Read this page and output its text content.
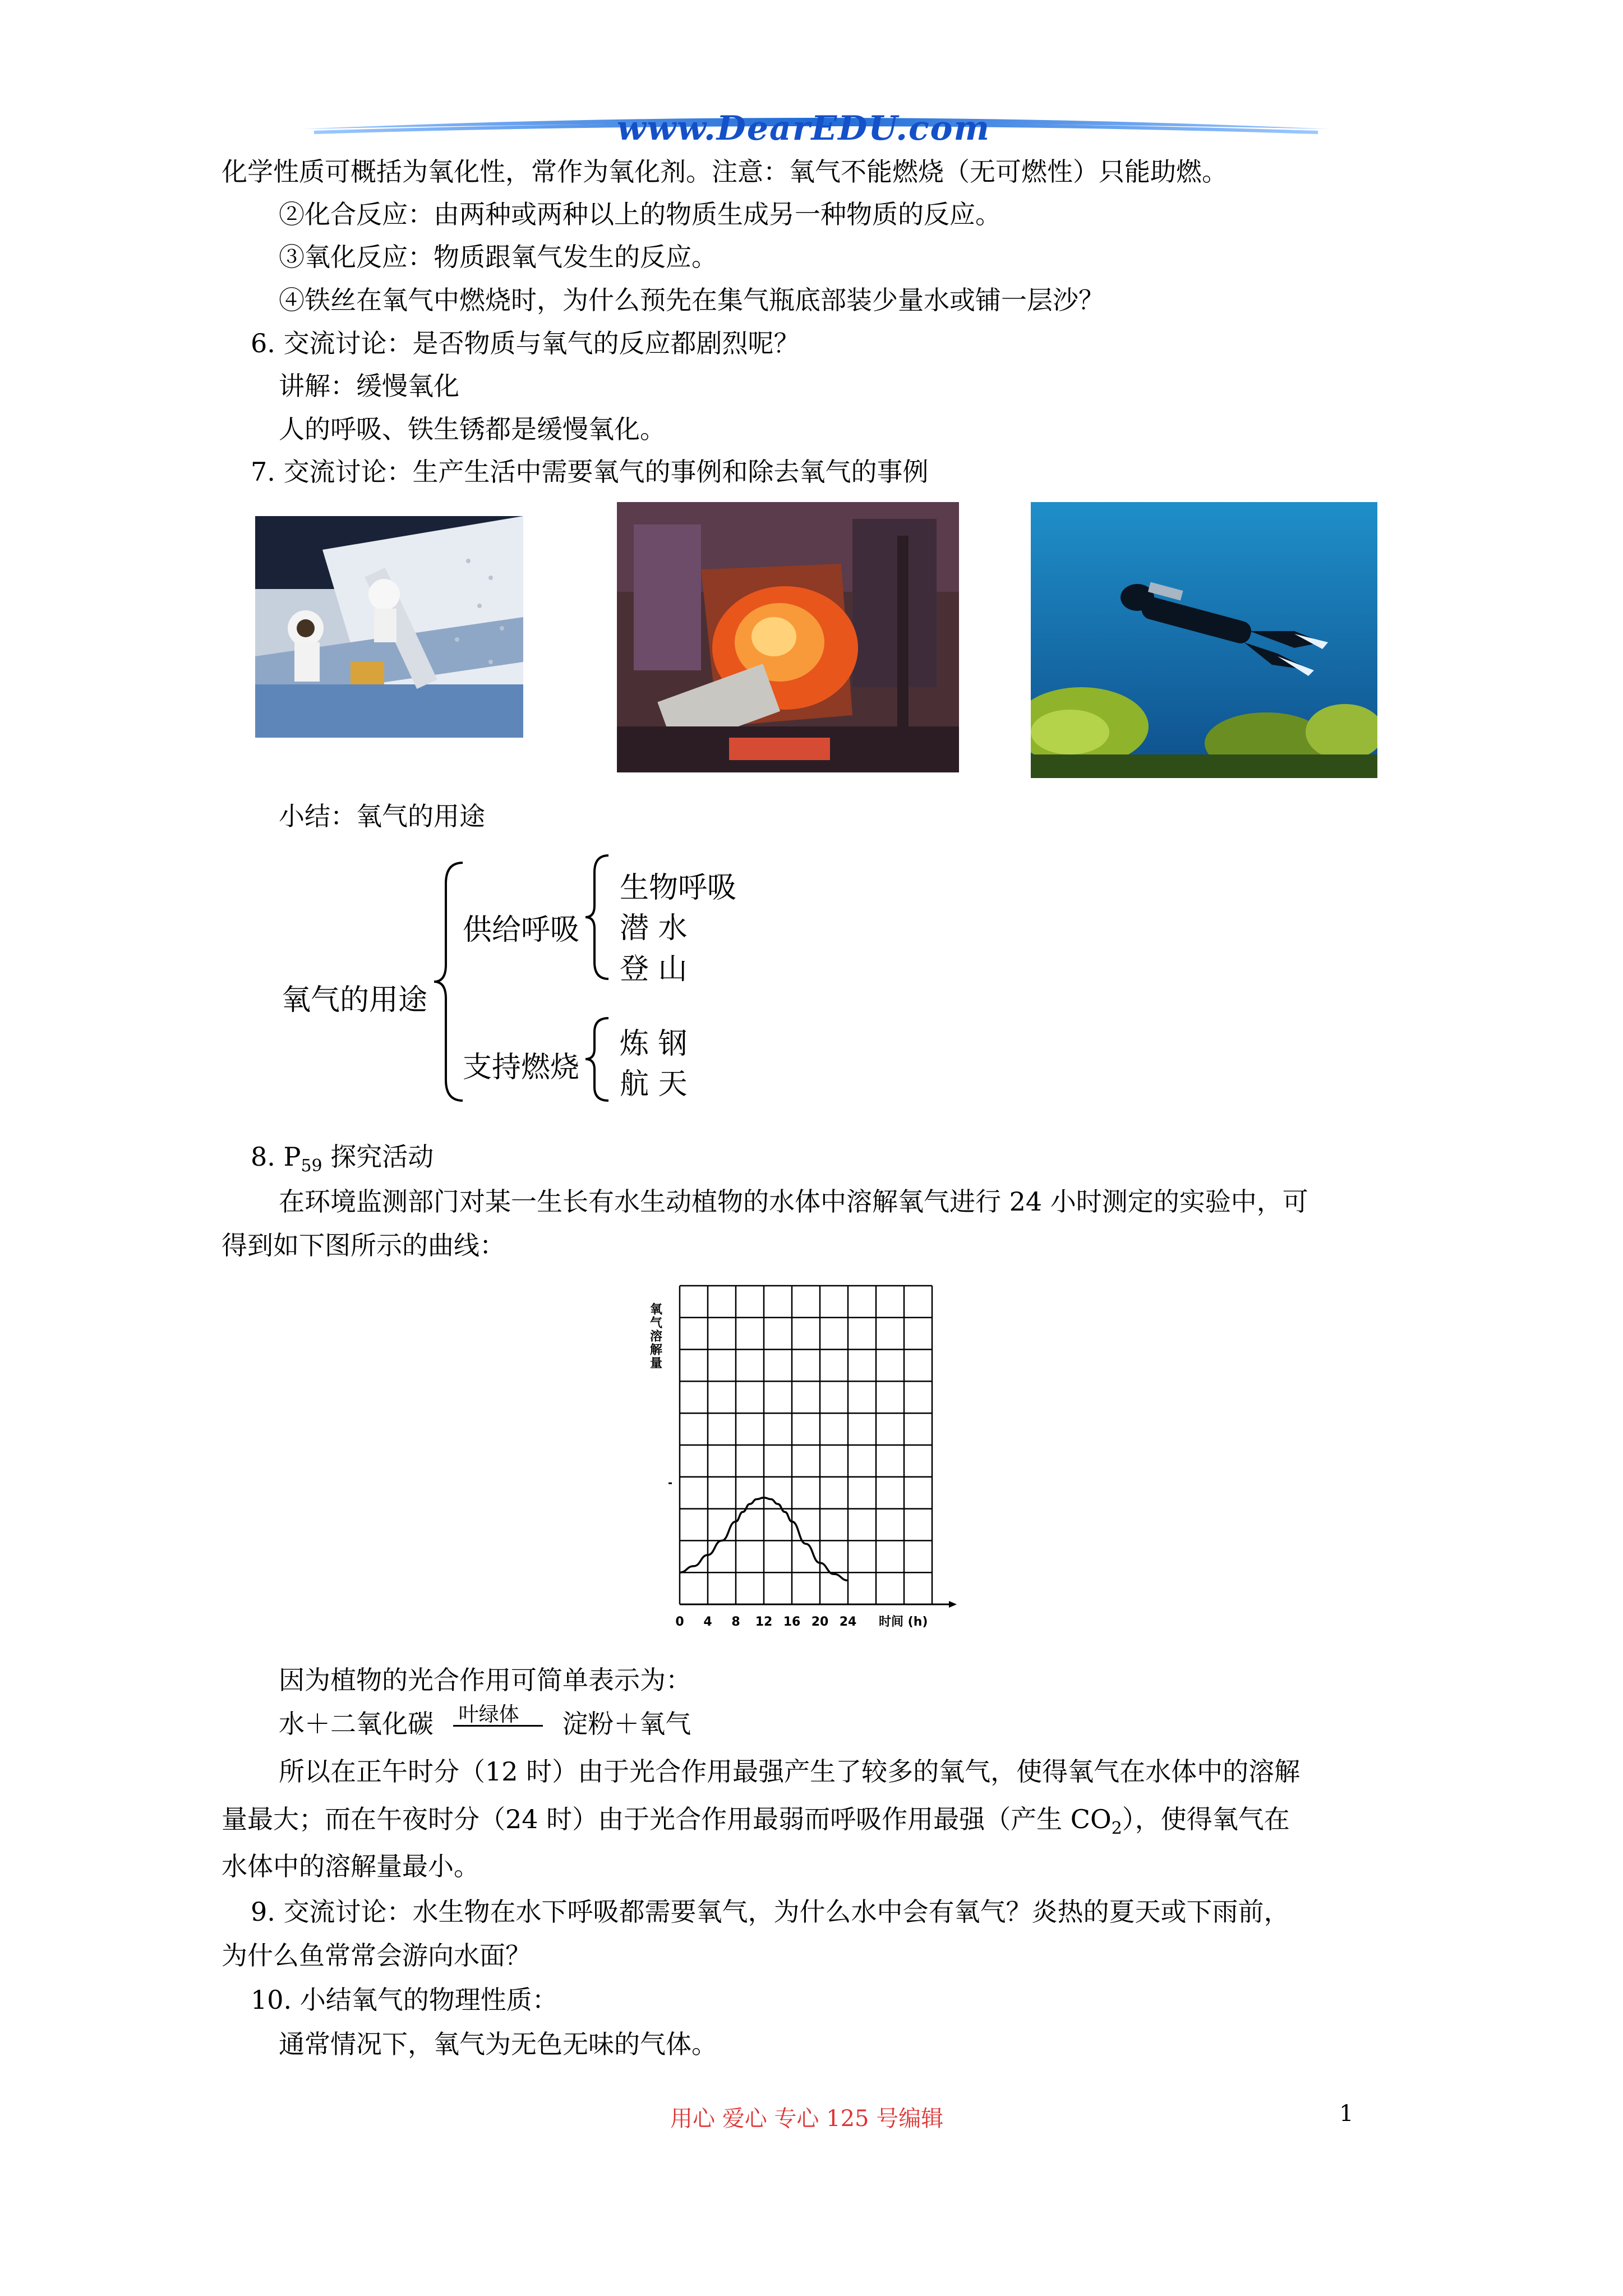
www.DearEDU.com
化学性质可概括为氧化性，常作为氧化剂。注意：氧气不能燃烧（无可燃性）只能助燃。
②化合反应：由两种或两种以上的物质生成另一种物质的反应。
③氧化反应：物质跟氧气发生的反应。
④铁丝在氧气中燃烧时，为什么预先在集气瓶底部装少量水或铺一层沙？
6. 交流讨论：是否物质与氧气的反应都剧烈呢？
讲解：缓慢氧化
人的呼吸、铁生锈都是缓慢氧化。
7. 交流讨论：生产生活中需要氧气的事例和除去氧气的事例
小结：氧气的用途
氧气的用途
供给呼吸
生物呼吸
潜 水
登 山
支持燃烧
炼 钢
航 天
8. $P_{59}$ 探究活动
在环境监测部门对某一生长有水生动植物的水体中溶解氧气进行 24 小时测定的实验中，可
得到如下图所示的曲线：
0 4 8 12 16 20 24
氧气溶解量
时间 (h)
因为植物的光合作用可简单表示为：
水＋二氧化碳 叶绿体 淀粉＋氧气
所以在正午时分（12 时）由于光合作用最强产生了较多的氧气，使得氧气在水体中的溶解
量最大；而在午夜时分（24 时）由于光合作用最弱而呼吸作用最强（产生 $CO_2$），使得氧气在
水体中的溶解量最小。
9. 交流讨论：水生物在水下呼吸都需要氧气，为什么水中会有氧气？炎热的夏天或下雨前，
为什么鱼常常会游向水面？
10. 小结氧气的物理性质：
通常情况下，氧气为无色无味的气体。
用心 爱心 专心 125 号编辑	1
